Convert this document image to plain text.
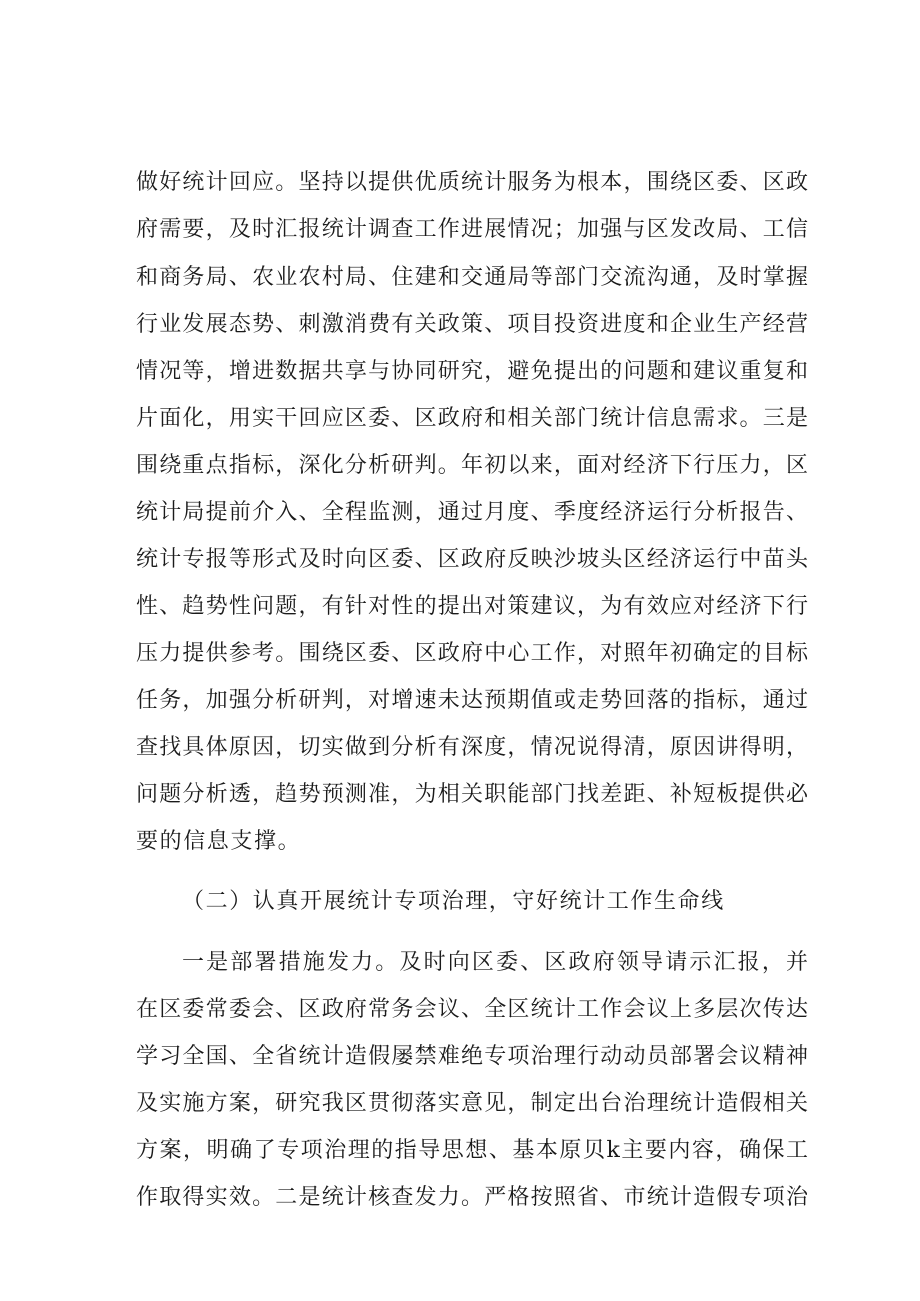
做好统计回应。坚持以提供优质统计服务为根本，围绕区委、区政
府需要，及时汇报统计调查工作进展情况；加强与区发改局、工信
和商务局、农业农村局、住建和交通局等部门交流沟通，及时掌握
行业发展态势、刺激消费有关政策、项目投资进度和企业生产经营
情况等，增进数据共享与协同研究，避免提出的问题和建议重复和
片面化，用实干回应区委、区政府和相关部门统计信息需求。三是
围绕重点指标，深化分析研判。年初以来，面对经济下行压力，区
统计局提前介入、全程监测，通过月度、季度经济运行分析报告、
统计专报等形式及时向区委、区政府反映沙坡头区经济运行中苗头
性、趋势性问题，有针对性的提出对策建议，为有效应对经济下行
压力提供参考。围绕区委、区政府中心工作，对照年初确定的目标
任务，加强分析研判，对增速未达预期值或走势回落的指标，通过
查找具体原因，切实做到分析有深度，情况说得清，原因讲得明，
问题分析透，趋势预测准，为相关职能部门找差距、补短板提供必
要的信息支撑。
（二）认真开展统计专项治理，守好统计工作生命线
一是部署措施发力。及时向区委、区政府领导请示汇报，并
在区委常委会、区政府常务会议、全区统计工作会议上多层次传达
学习全国、全省统计造假屡禁难绝专项治理行动动员部署会议精神
及实施方案，研究我区贯彻落实意见，制定出台治理统计造假相关
方案，明确了专项治理的指导思想、基本原贝k主要内容，确保工
作取得实效。二是统计核查发力。严格按照省、市统计造假专项治
